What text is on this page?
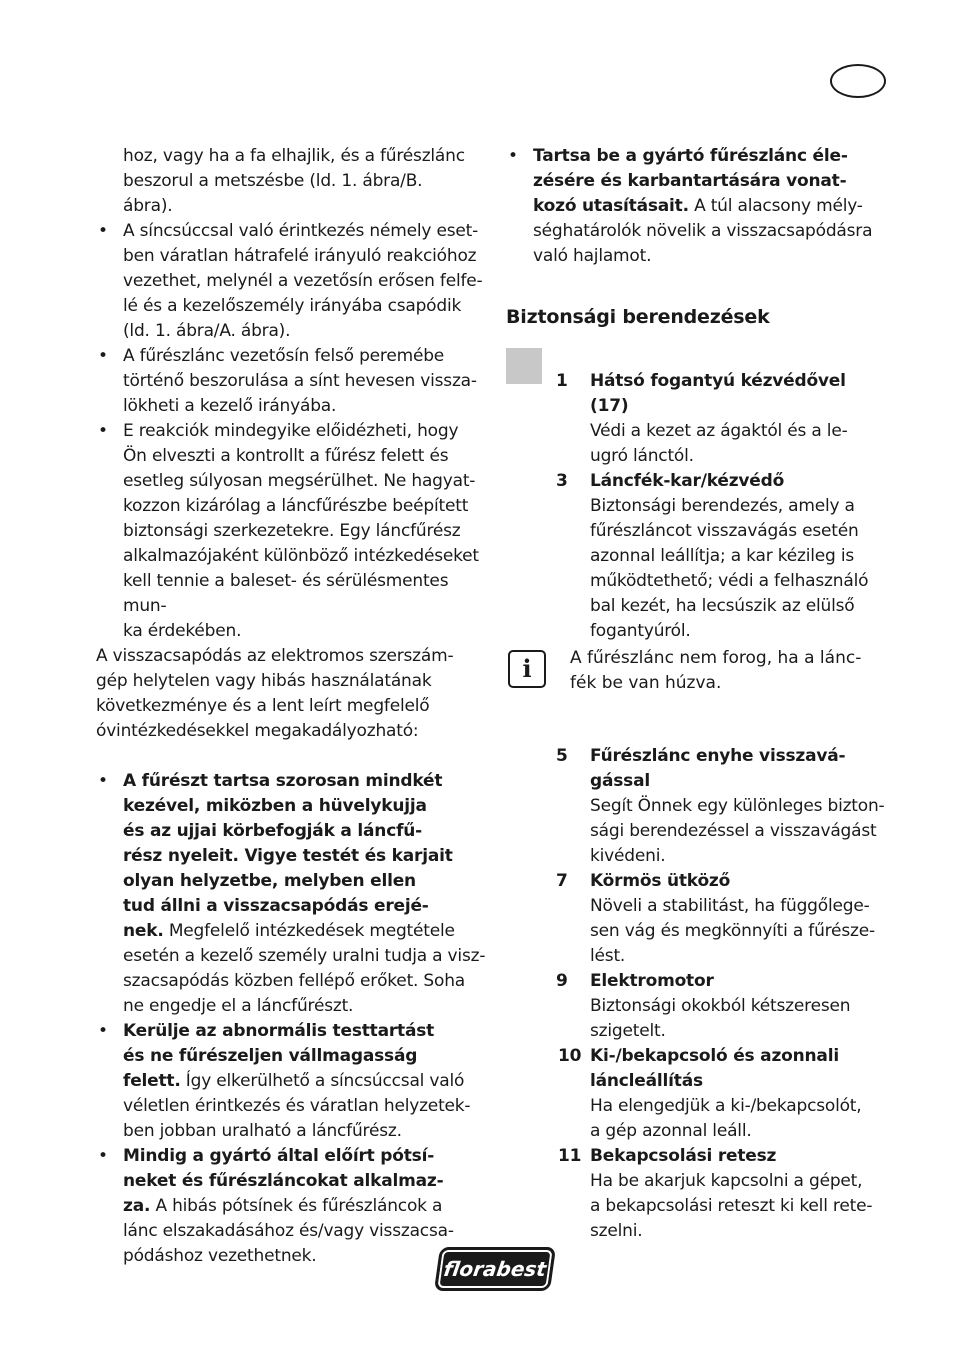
hoz, vagy ha a fa elhajlik, és a fűrészlánc
beszorul a metszésbe (ld. 1. ábra/B.
ábra).
• A síncsúccsal való érintkezés némely eset-
ben váratlan hátrafelé irányuló reakcióhoz
vezethet, melynél a vezetősín erősen felfe-
lé és a kezelőszemély irányába csapódik
(ld. 1. ábra/A. ábra).
• A fűrészlánc vezetősín felső peremébe
történő beszorulása a sínt hevesen vissza-
lökheti a kezelő irányába.
• E reakciók mindegyike előidézheti, hogy
Ön elveszti a kontrollt a fűrész felett és
esetleg súlyosan megsérülhet. Ne hagyat-
kozzon kizárólag a láncfűrészbe beépített
biztonsági szerkezetekre. Egy láncfűrész
alkalmazójaként különböző intézkedéseket
kell tennie a baleset- és sérülésmentes mun-
ka érdekében.
A visszacsapódás az elektromos szerszám-
gép helytelen vagy hibás használatának
következménye és a lent leírt megfelelő
óvintézkedésekkel megakadályozható:
• A fűrészt tartsa szorosan mindkét
kezével, miközben a hüvelykujja
és az ujjai körbefogják a láncfű-
rész nyeleit. Vigye testét és karjait
olyan helyzetbe, melyben ellen
tud állni a visszacsapódás erejé-
nek. Megfelelő intézkedések megtétele
esetén a kezelő személy uralni tudja a visz-
szacsapódás közben fellépő erőket. Soha
ne engedje el a láncfűrészt.
• Kerülje az abnormális testtartást
és ne fűrészeljen vállmagasság
felett. Így elkerülhető a síncsúccsal való
véletlen érintkezés és váratlan helyzetek-
ben jobban uralható a láncfűrész.
• Mindig a gyártó által előírt pótsí-
neket és fűrészláncokat alkalmaz-
za. A hibás pótsínek és fűrészláncok a
lánc elszakadásához és/vagy visszacsa-
pódáshoz vezethetnek.
• Tartsa be a gyártó fűrészlánc éle-
zésére és karbantartására vonat-
kozó utasításait. A túl alacsony mély-
séghatárolók növelik a visszacsapódásra
való hajlamot.
Biztonsági berendezések
1 Hátsó fogantyú kézvédővel
(17)
Védi a kezet az ágaktól és a le-
ugró lánctól.
3 Láncfék-kar/kézvédő
Biztonsági berendezés, amely a
fűrészláncot visszavágás esetén
azonnal leállítja; a kar kézileg is
működtethető; védi a felhasználó
bal kezét, ha lecsúszik az elülső
fogantyúról.
5 Fűrészlánc enyhe visszavá-
gással
Segít Önnek egy különleges bizton-
sági berendezéssel a visszavágást
kivédeni.
7 Körmös ütköző
Növeli a stabilitást, ha függőlege-
sen vág és megkönnyíti a fűrésze-
lést.
9 Elektromotor
Biztonsági okokból kétszeresen
szigetelt.
10 Ki-/bekapcsoló és azonnali
láncleállítás
Ha elengedjük a ki-/bekapcsolót,
a gép azonnal leáll.
11 Bekapcsolási retesz
Ha be akarjuk kapcsolni a gépet,
a bekapcsolási reteszt ki kell rete-
szelni.
i A fűrészlánc nem forog, ha a lánc-
fék be van húzva.
florabest
